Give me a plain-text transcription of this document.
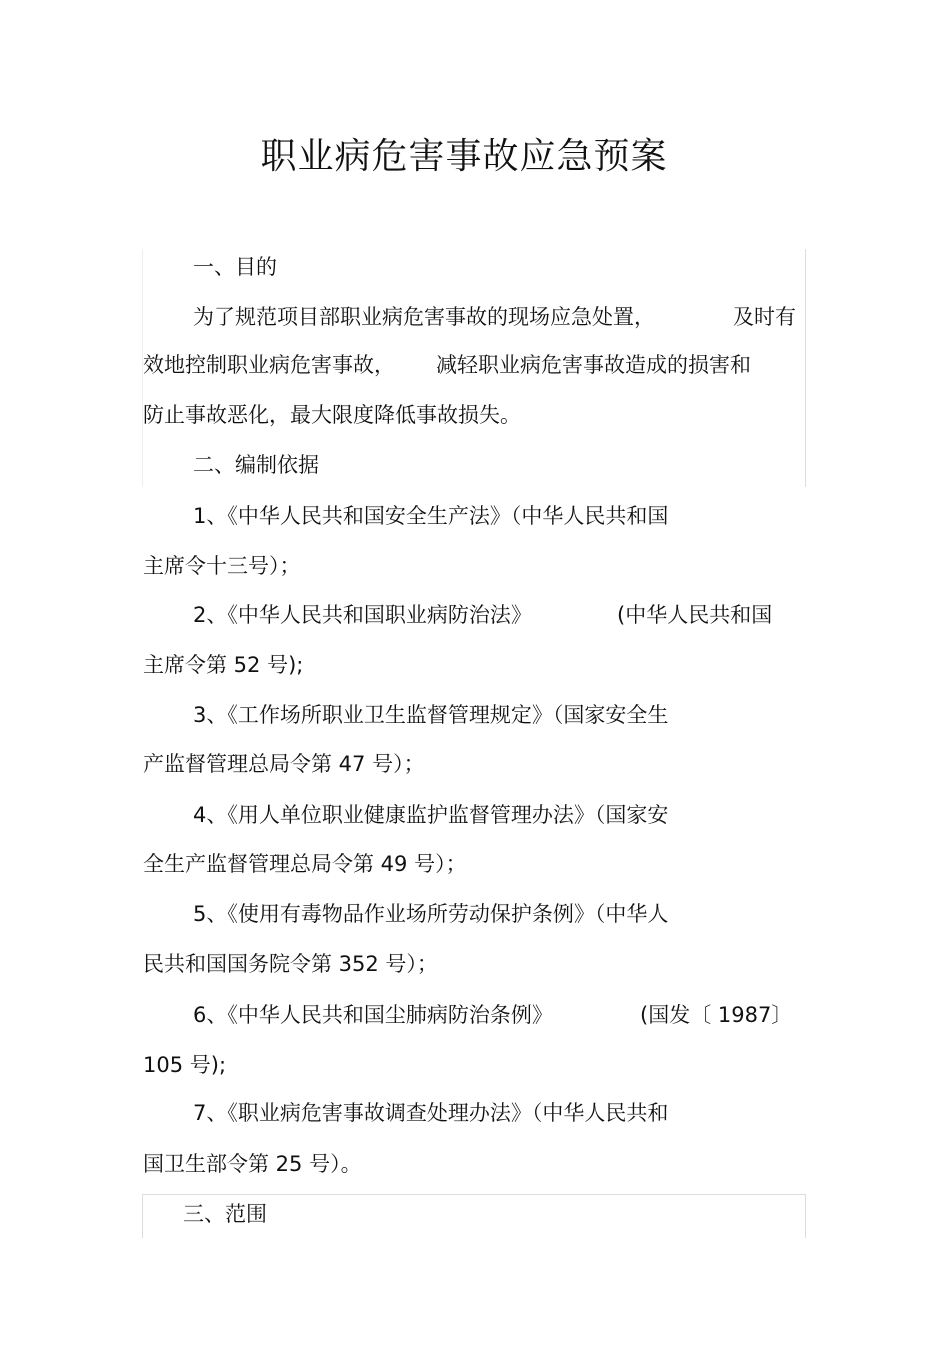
职业病危害事故应急预案
一、目的
为了规范项目部职业病危害事故的现场应急处置，	及时有
效地控制职业病危害事故， 减轻职业病危害事故造成的损害和
防止事故恶化，最大限度降低事故损失。
二、编制依据
1、《中华人民共和国安全生产法》（中华人民共和国
主席令十三号）；
2、《中华人民共和国职业病防治法》	(中华人民共和国
主席令第 52 号);
3、《工作场所职业卫生监督管理规定》（国家安全生
产监督管理总局令第 47 号）；
4、《用人单位职业健康监护监督管理办法》（国家安
全生产监督管理总局令第 49 号）；
5、《使用有毒物品作业场所劳动保护条例》（中华人
民共和国国务院令第 352 号）；
6、《中华人民共和国尘肺病防治条例》	(国发〔 1987〕
105 号);
7、《职业病危害事故调查处理办法》（中华人民共和
国卫生部令第 25 号）。
三、范围
